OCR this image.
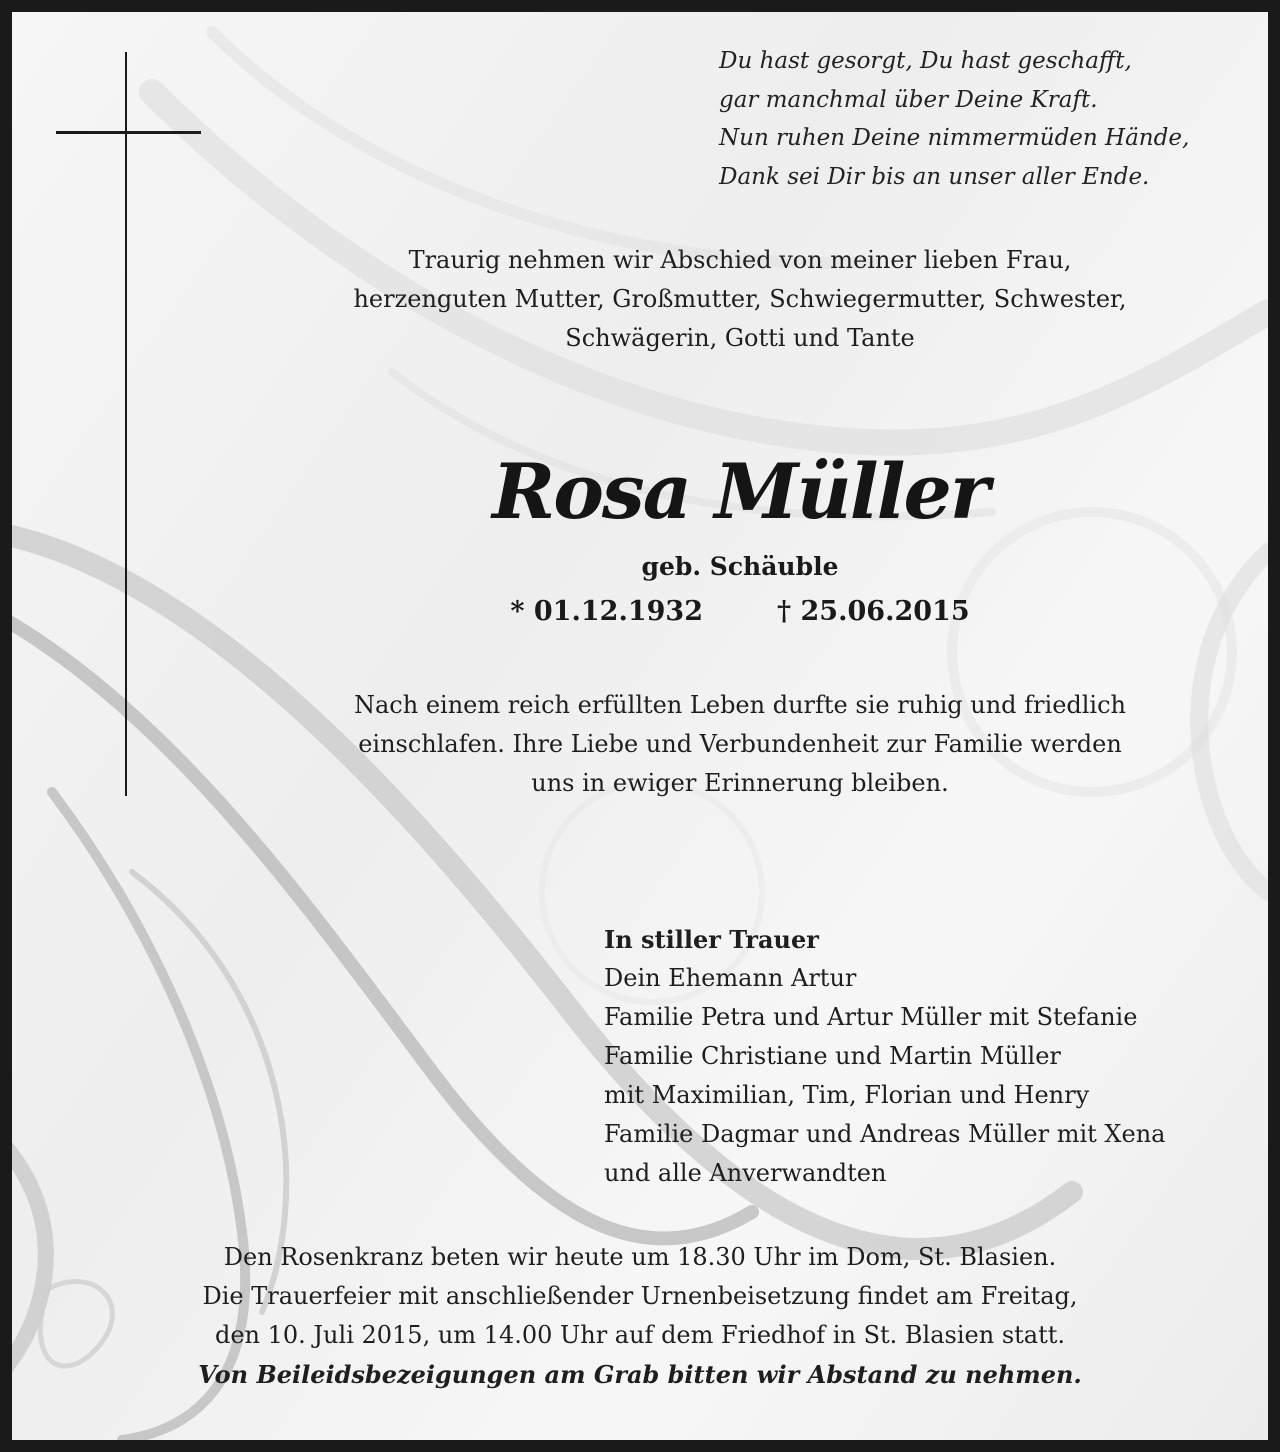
Du hast gesorgt, Du hast geschafft,
gar manchmal über Deine Kraft.
Nun ruhen Deine nimmermüden Hände,
Dank sei Dir bis an unser aller Ende.
Traurig nehmen wir Abschied von meiner lieben Frau,
herzenguten Mutter, Großmutter, Schwiegermutter, Schwester,
Schwägerin, Gotti und Tante
Rosa Müller
geb. Schäuble
* 01.12.1932	† 25.06.2015
Nach einem reich erfüllten Leben durfte sie ruhig und friedlich
einschlafen. Ihre Liebe und Verbundenheit zur Familie werden
uns in ewiger Erinnerung bleiben.
In stiller Trauer
Dein Ehemann Artur
Familie Petra und Artur Müller mit Stefanie
Familie Christiane und Martin Müller
mit Maximilian, Tim, Florian und Henry
Familie Dagmar und Andreas Müller mit Xena
und alle Anverwandten
Den Rosenkranz beten wir heute um 18.30 Uhr im Dom, St. Blasien.
Die Trauerfeier mit anschließender Urnenbeisetzung findet am Freitag,
den 10. Juli 2015, um 14.00 Uhr auf dem Friedhof in St. Blasien statt.
Von Beileidsbezeigungen am Grab bitten wir Abstand zu nehmen.
